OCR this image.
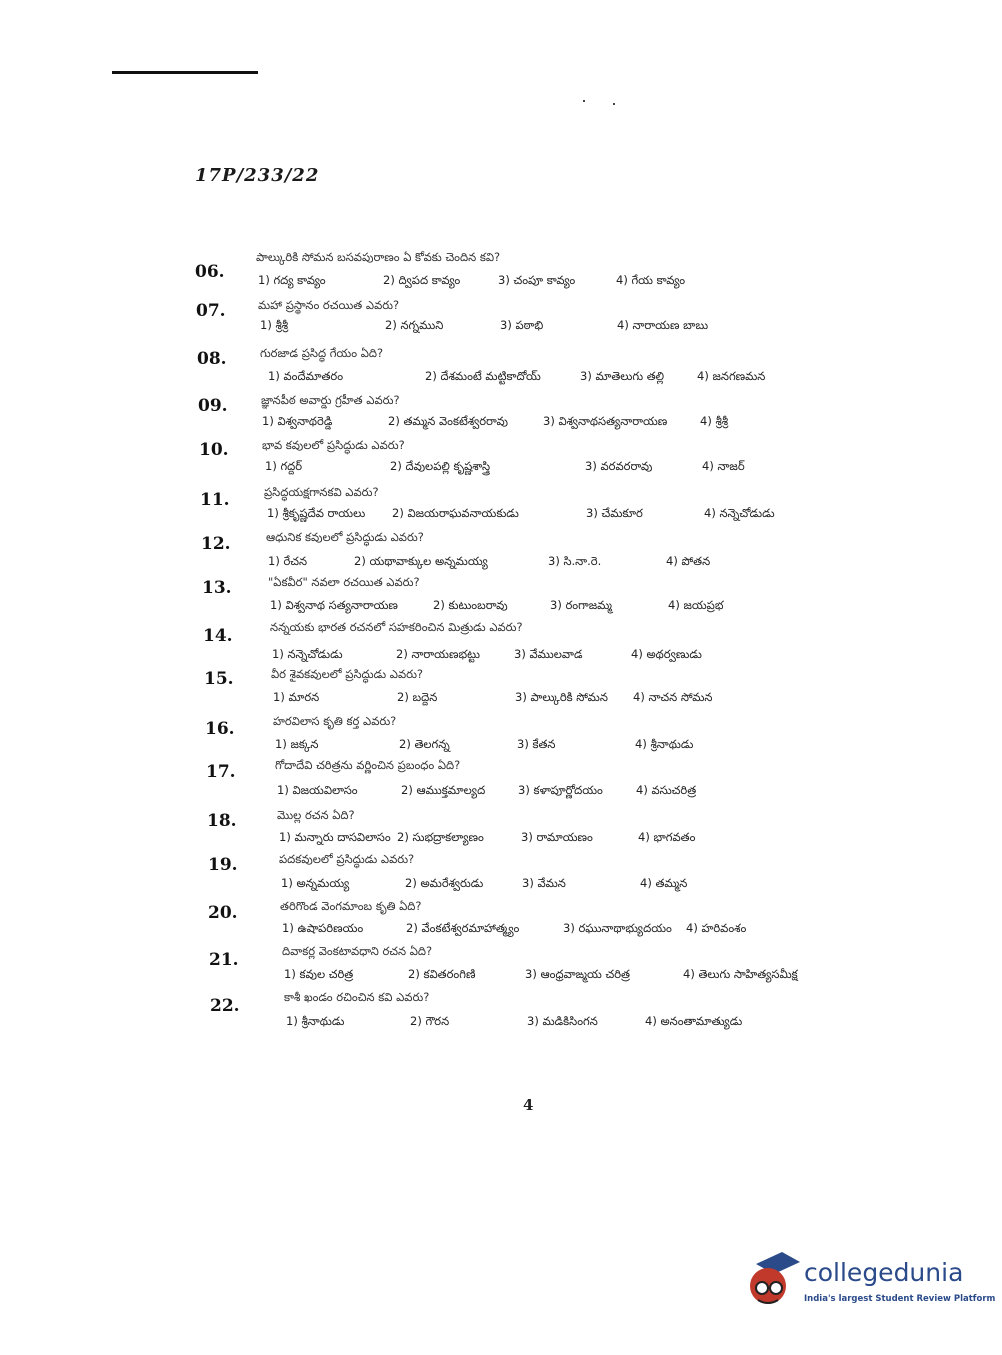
17P/233/22
06.
పాల్కురికి సోమన బసవపురాణం ఏ కోవకు చెందిన కవి?
1) గద్య కావ్యం	2) ద్విపద కావ్యం	3) చంపూ కావ్యం	4) గేయ కావ్యం
07.	మహా ప్రస్థానం రచయిత ఎవరు?
1) శ్రీశ్రీ	2) నగ్నముని	3) పఠాభి	4) నారాయణ బాబు
08.	గురజాడ ప్రసిద్ధ గేయం ఏది?
1) వందేమాతరం	2) దేశమంటే మట్టికాదోయ్	3) మాతెలుగు తల్లి	4) జనగణమన
09.	జ్ఞానపీఠ అవార్డు గ్రహీత ఎవరు?
1) విశ్వనాథరెడ్డి	2) తమ్మన వెంకటేశ్వరరావు	3) విశ్వనాథసత్యనారాయణ	4) శ్రీశ్రీ
10.	భావ కవులలో ప్రసిద్ధుడు ఎవరు?
1) గద్దర్	2) దేవులపల్లి కృష్ణశాస్త్రి	3) వరవరరావు	4) నాజర్
11.	ప్రసిద్ధయక్షగానకవి ఎవరు?
1) శ్రీకృష్ణదేవ రాయలు 2) విజయరాఘవనాయకుడు	3) చేమకూర	4) నన్నెచోడుడు
12.	ఆధునిక కవులలో ప్రసిద్ధుడు ఎవరు?
1) రేచన	2) యథావాక్కుల అన్నమయ్య	3) సి.నా.రె.	4) పోతన
13.	"ఏకవీర" నవలా రచయిత ఎవరు?
1) విశ్వనాథ సత్యనారాయణ	2) కుటుంబరావు	3) రంగాజమ్మ	4) జయప్రభ
14.	నన్నయకు భారత రచనలో సహకరించిన మిత్రుడు ఎవరు?
1) నన్నెచోడుడు	2) నారాయణభట్టు	3) వేములవాడ	4) అథర్వణుడు
15.	వీర శైవకవులలో ప్రసిద్ధుడు ఎవరు?
1) మారన	2) బద్దెన	3) పాల్కురికి సోమన 4) నాచన సోమన
16.	హరవిలాస కృతి కర్త ఎవరు?
1) జక్కన	2) తెలగన్న	3) కేతన	4) శ్రీనాథుడు
17.	గోదాదేవి చరిత్రను వర్ణించిన ప్రబంధం ఏది?
1) విజయవిలాసం	2) ఆముక్తమాల్యద	3) కళాపూర్ణోదయం	4) వసుచరిత్ర
18.	మొల్ల రచన ఏది?
1) మన్నారు దాసవిలాసం 2) సుభద్రాకల్యాణం	3) రామాయణం	4) భాగవతం
19.	పదకవులలో ప్రసిద్ధుడు ఎవరు?
1) అన్నమయ్య	2) అమరేశ్వరుడు	3) వేమన	4) తమ్మన
20.	తరిగొండ వెంగమాంబ కృతి ఏది?
1) ఉషాపరిణయం	2) వేంకటేశ్వరమాహాత్మ్యం	3) రఘునాథాభ్యుదయం 4) హరివంశం
21.	దివాకర్ల వెంకటావధాని రచన ఏది?
1) కవుల చరిత్ర	2) కవితరంగిణి	3) ఆంధ్రవాఙ్మయ చరిత్ర	4) తెలుగు సాహిత్యసమీక్ష
22.	కాశీ ఖండం రచించిన కవి ఎవరు?
1) శ్రీనాథుడు	2) గౌరన	3) మడికిసింగన	4) అనంతామాత్యుడు
4
collegedunia
India's largest Student Review Platform
